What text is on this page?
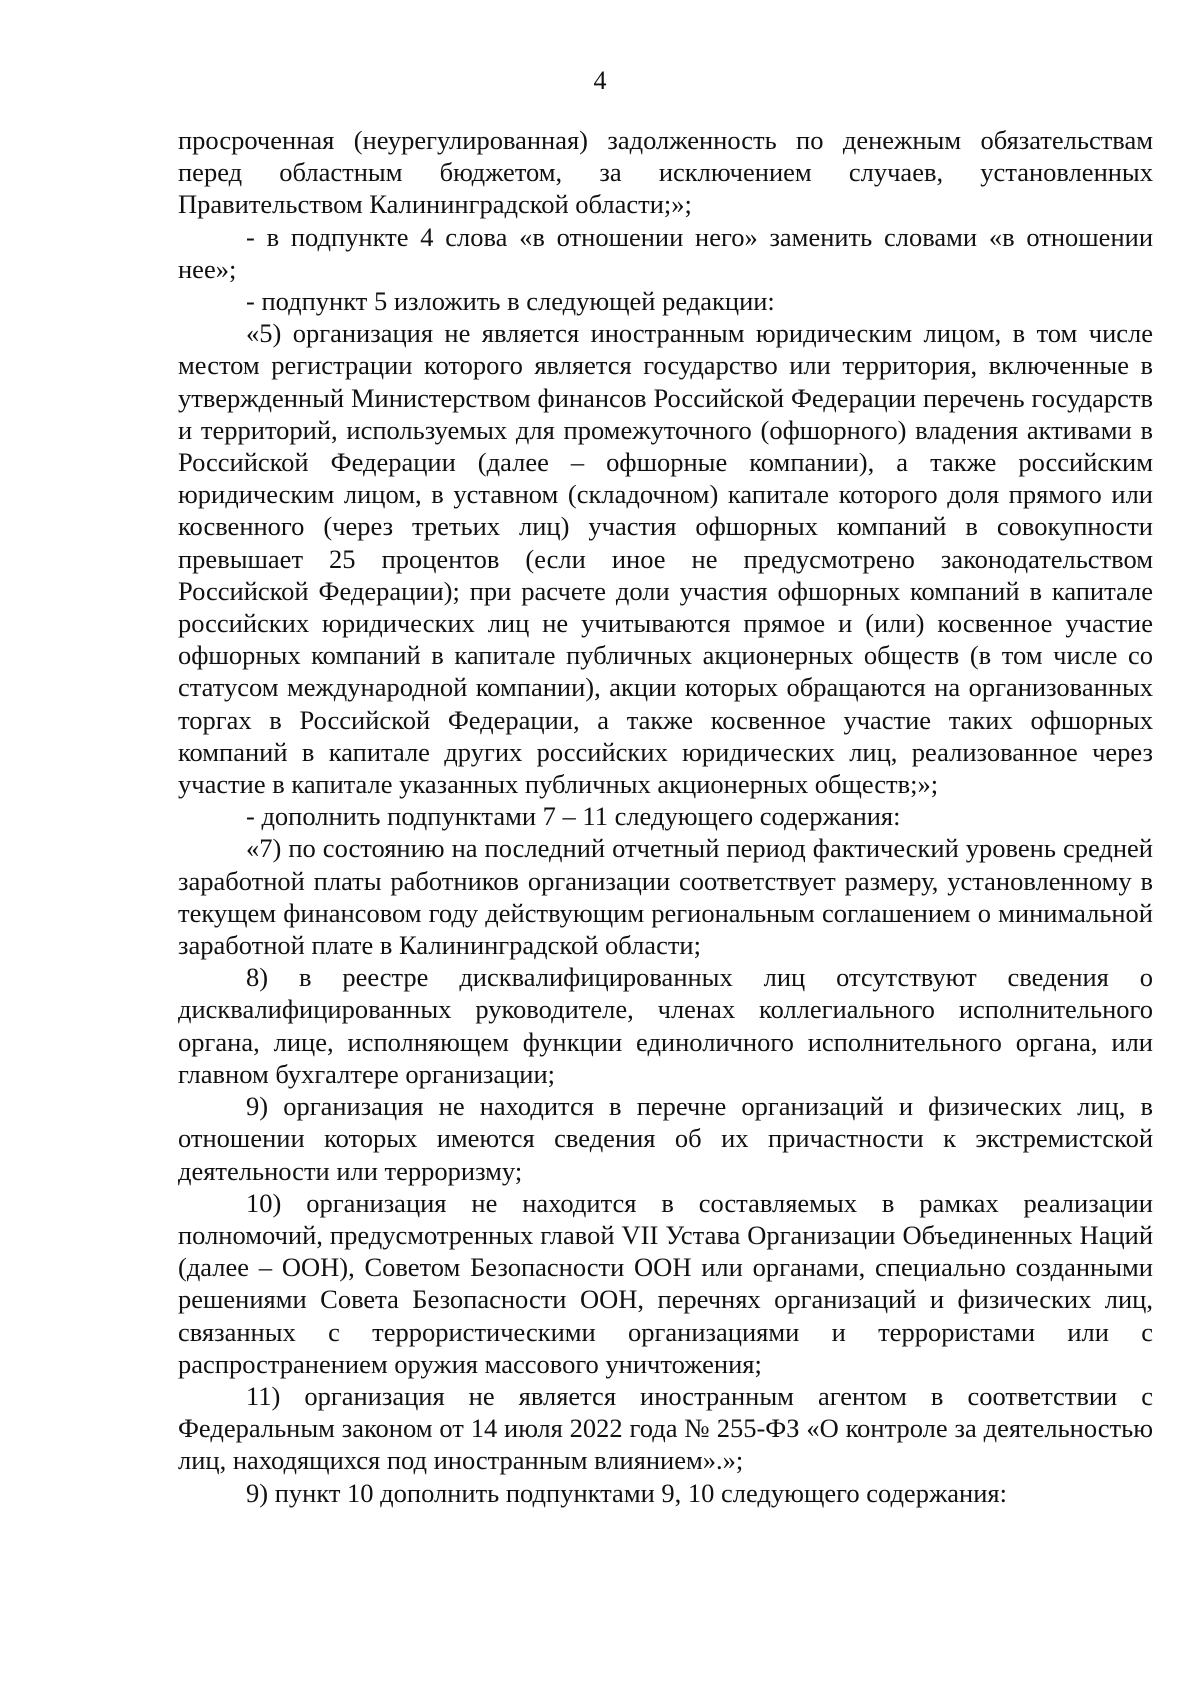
4

просроченная (неурегулированная) задолженность по денежным обязательствам перед областным бюджетом, за исключением случаев, установленных Правительством Калининградской области;»;

- в подпункте 4 слова «в отношении него» заменить словами «в отношении нее»;

- подпункт 5 изложить в следующей редакции:

«5) организация не является иностранным юридическим лицом, в том числе местом регистрации которого является государство или территория, включенные в утвержденный Министерством финансов Российской Федерации перечень государств и территорий, используемых для промежуточного (офшорного) владения активами в Российской Федерации (далее – офшорные компании), а также российским юридическим лицом, в уставном (складочном) капитале которого доля прямого или косвенного (через третьих лиц) участия офшорных компаний в совокупности превышает 25 процентов (если иное не предусмотрено законодательством Российской Федерации); при расчете доли участия офшорных компаний в капитале российских юридических лиц не учитываются прямое и (или) косвенное участие офшорных компаний в капитале публичных акционерных обществ (в том числе со статусом международной компании), акции которых обращаются на организованных торгах в Российской Федерации, а также косвенное участие таких офшорных компаний в капитале других российских юридических лиц, реализованное через участие в капитале указанных публичных акционерных обществ;»;

- дополнить подпунктами 7 – 11 следующего содержания:

«7) по состоянию на последний отчетный период фактический уровень средней заработной платы работников организации соответствует размеру, установленному в текущем финансовом году действующим региональным соглашением о минимальной заработной плате в Калининградской области;

8) в реестре дисквалифицированных лиц отсутствуют сведения о дисквалифицированных руководителе, членах коллегиального исполнительного органа, лице, исполняющем функции единоличного исполнительного органа, или главном бухгалтере организации;

9) организация не находится в перечне организаций и физических лиц, в отношении которых имеются сведения об их причастности к экстремистской деятельности или терроризму;

10) организация не находится в составляемых в рамках реализации полномочий, предусмотренных главой VII Устава Организации Объединенных Наций (далее – ООН), Советом Безопасности ООН или органами, специально созданными решениями Совета Безопасности ООН, перечнях организаций и физических лиц, связанных с террористическими организациями и террористами или с распространением оружия массового уничтожения;

11) организация не является иностранным агентом в соответствии с Федеральным законом от 14 июля 2022 года № 255-ФЗ «О контроле за деятельностью лиц, находящихся под иностранным влиянием».»;

9) пункт 10 дополнить подпунктами 9, 10 следующего содержания:
